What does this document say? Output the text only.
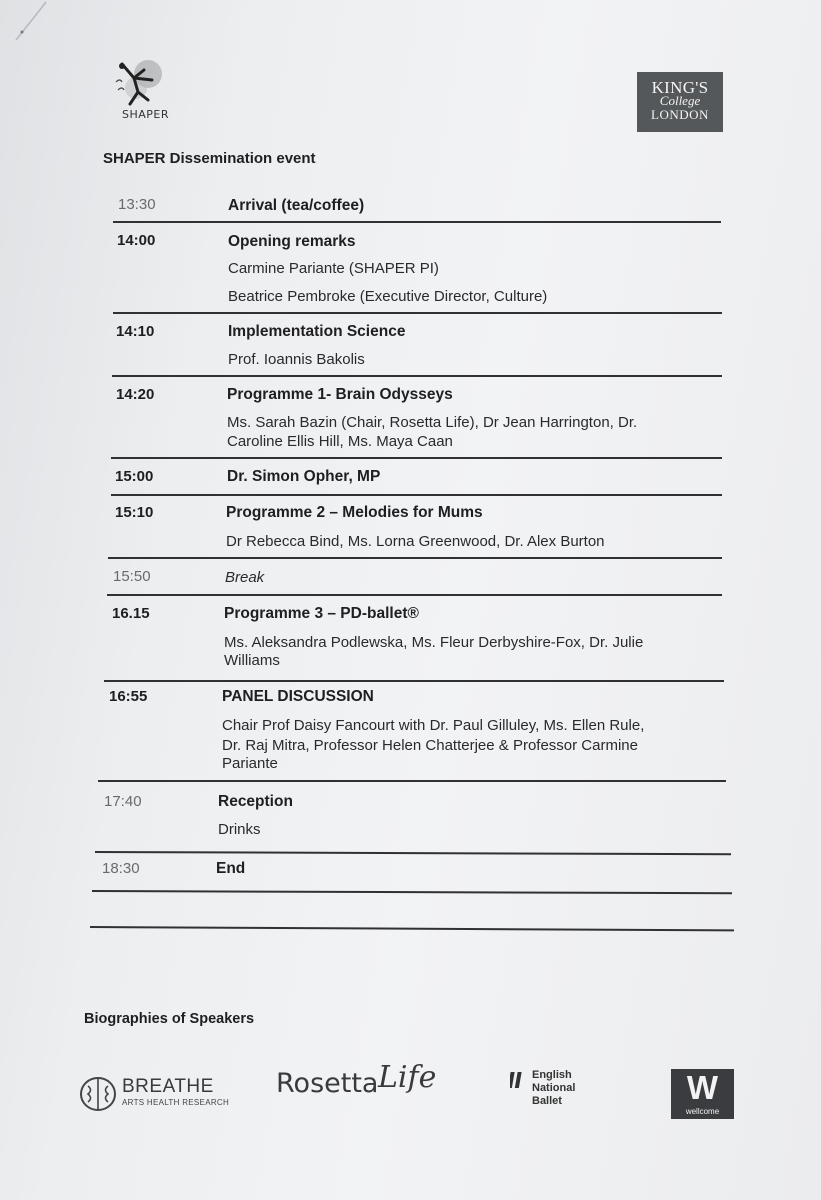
SHAPER
KING'S
College
LONDON
SHAPER Dissemination event
13:30	Arrival (tea/coffee)
14:00	Opening remarks
Carmine Pariante (SHAPER PI)
Beatrice Pembroke (Executive Director, Culture)
14:10	Implementation Science
Prof. Ioannis Bakolis
14:20	Programme 1- Brain Odysseys
Ms. Sarah Bazin (Chair, Rosetta Life), Dr Jean Harrington, Dr.
Caroline Ellis Hill, Ms. Maya Caan
15:00	Dr. Simon Opher, MP
15:10	Programme 2 – Melodies for Mums
Dr Rebecca Bind, Ms. Lorna Greenwood, Dr. Alex Burton
15:50	Break
16.15	Programme 3 – PD-ballet®
Ms. Aleksandra Podlewska, Ms. Fleur Derbyshire-Fox, Dr. Julie
Williams
16:55	PANEL DISCUSSION
Chair Prof Daisy Fancourt with Dr. Paul Gilluley, Ms. Ellen Rule,
Dr. Raj Mitra, Professor Helen Chatterjee & Professor Carmine
Pariante
17:40	Reception
Drinks
18:30	End
Biographies of Speakers
BREATHE
ARTS HEALTH RESEARCH
Rosetta Life	English
National
Ballet	W
wellcome
